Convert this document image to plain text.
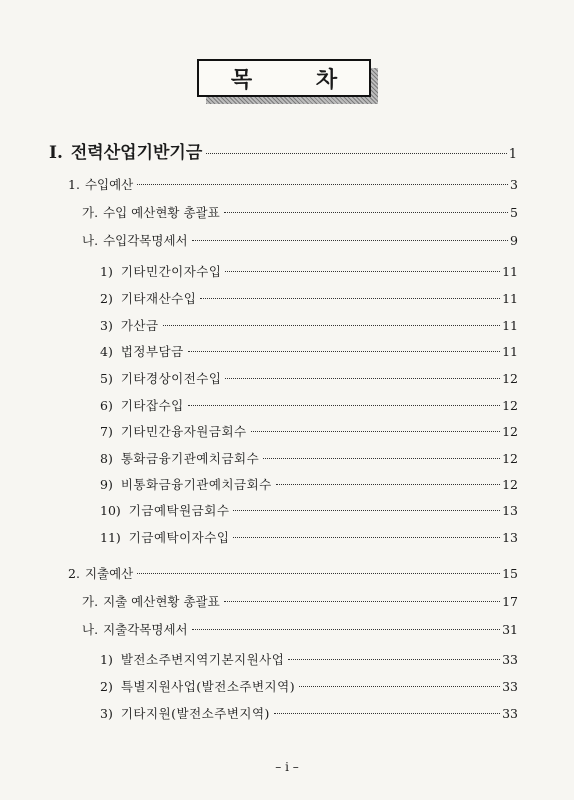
목 차
Ⅰ. 전력산업기반기금	1
1. 수입예산	3
가. 수입 예산현황 총괄표	5
나. 수입각목명세서	9
1) 기타민간이자수입	11
2) 기타재산수입	11
3) 가산금	11
4) 법정부담금	11
5) 기타경상이전수입	12
6) 기타잡수입	12
7) 기타민간융자원금회수	12
8) 통화금융기관예치금회수	12
9) 비통화금융기관예치금회수	12
10) 기금예탁원금회수	13
11) 기금예탁이자수입	13
2. 지출예산	15
가. 지출 예산현황 총괄표	17
나. 지출각목명세서	31
1) 발전소주변지역기본지원사업	33
2) 특별지원사업(발전소주변지역)	33
3) 기타지원(발전소주변지역)	33
– i –
